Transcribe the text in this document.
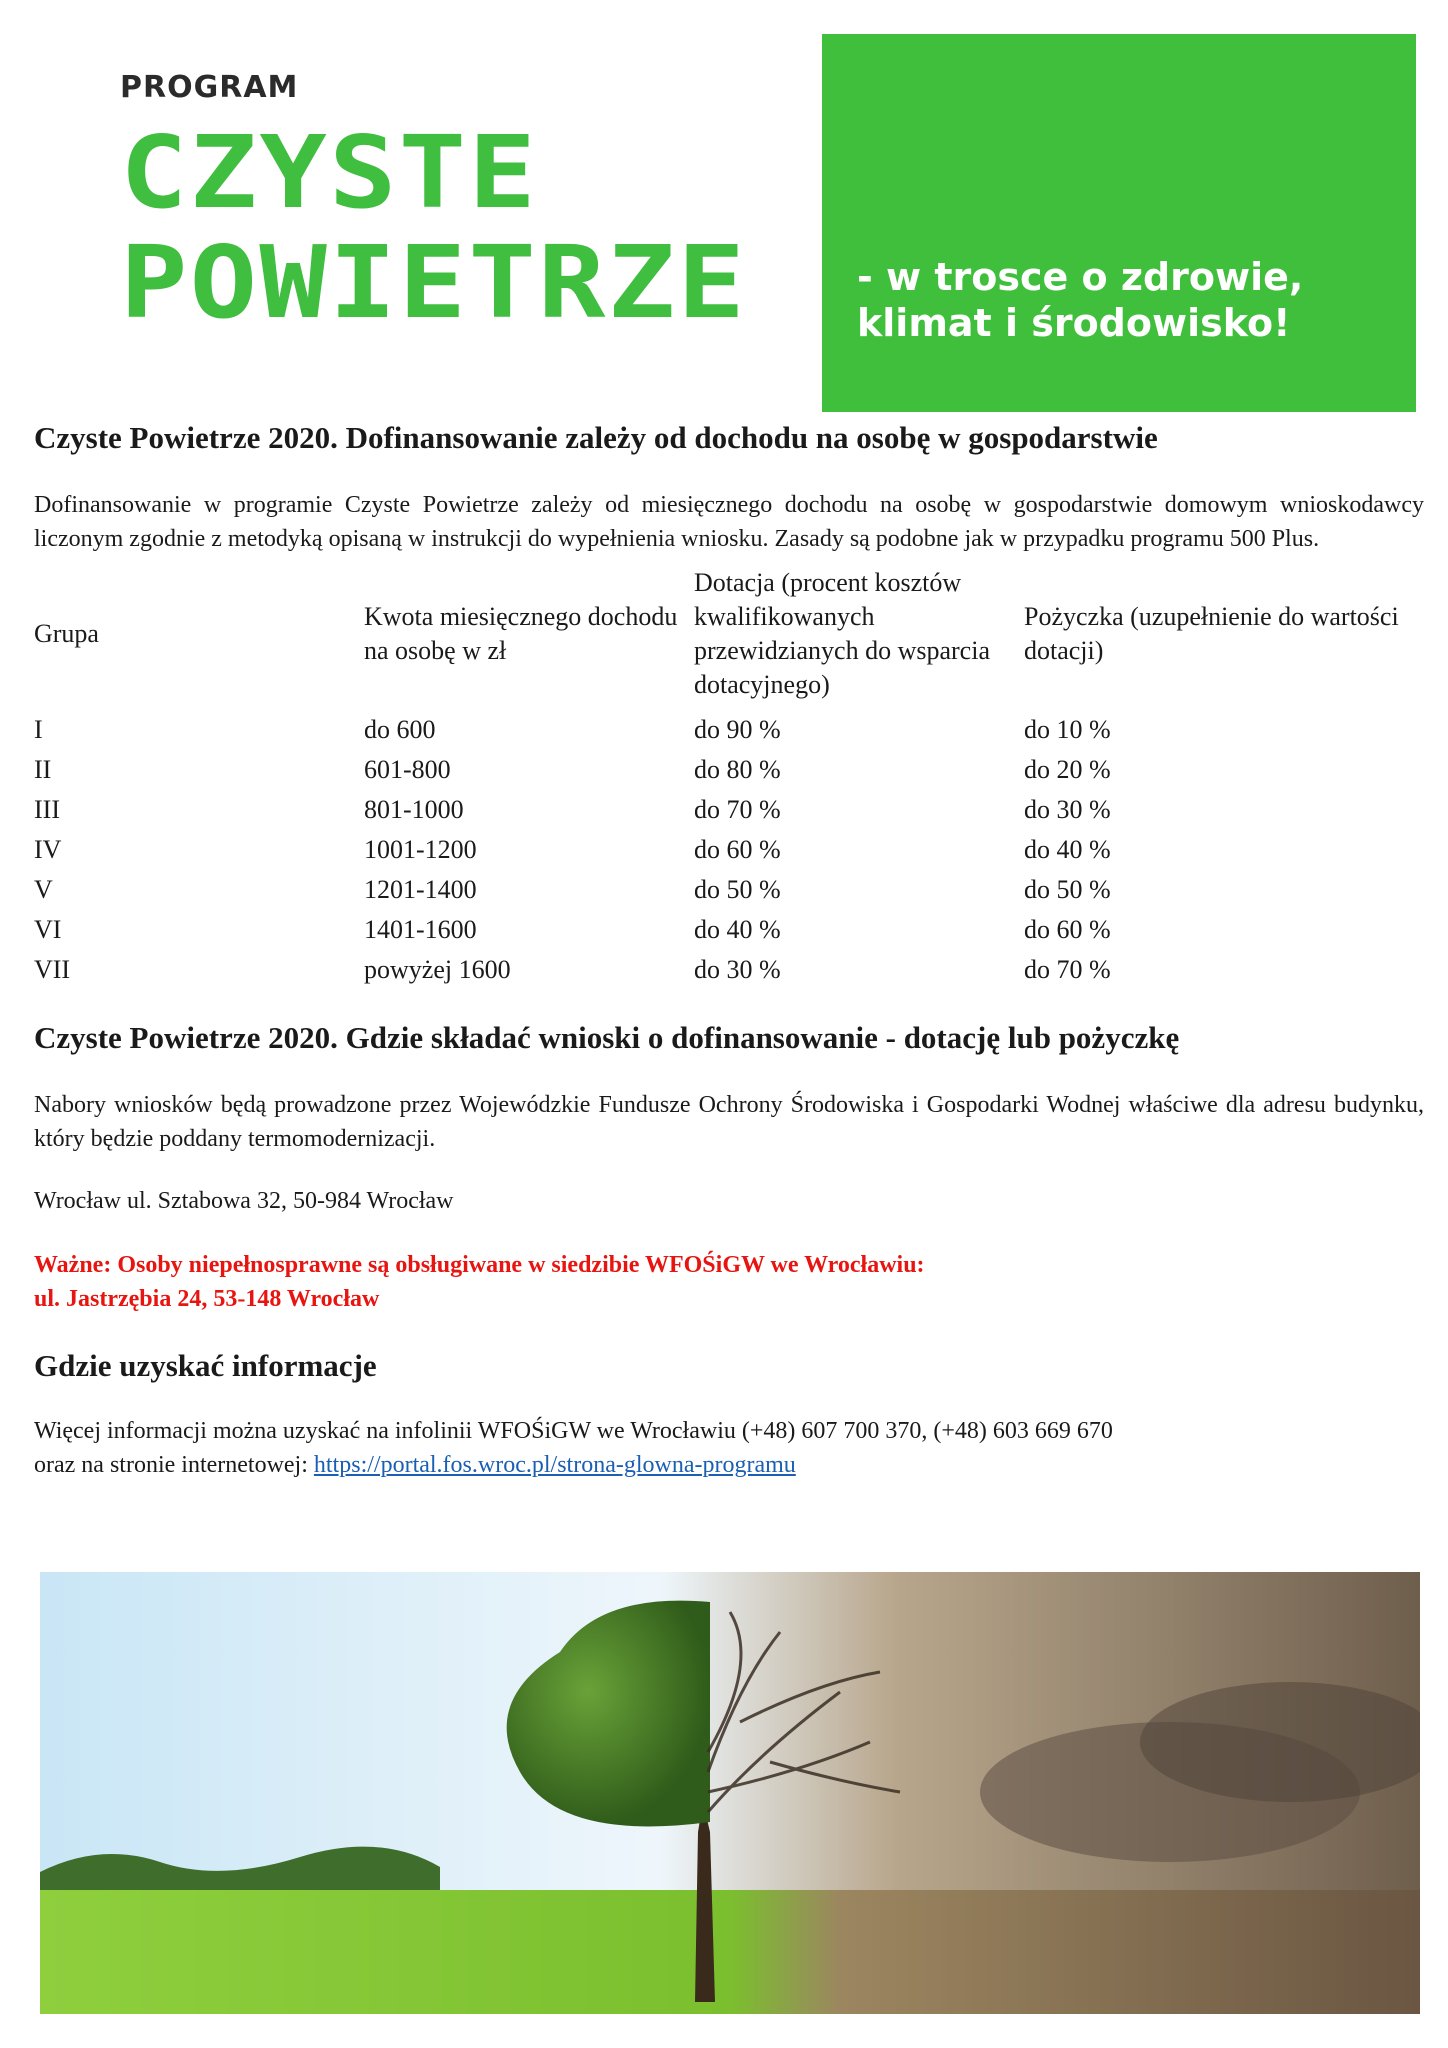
PROGRAM
CZYSTE
POWIETRZE	- w trosce o zdrowie,
klimat i środowisko!
Czyste Powietrze 2020. Dofinansowanie zależy od dochodu na osobę w gospodarstwie

Dofinansowanie w programie Czyste Powietrze zależy od miesięcznego dochodu na osobę w gospodarstwie domowym wnioskodawcy liczonym zgodnie z metodyką opisaną w instrukcji do wypełnienia wniosku. Zasady są podobne jak w przypadku programu 500 Plus.

Grupa	Kwota miesięcznego dochodu na osobę w zł	Dotacja (procent kosztów kwalifikowanych przewidzianych do wsparcia dotacyjnego)	Pożyczka (uzupełnienie do wartości dotacji)
I	do 600	do 90 %	do 10 %
II	601-800	do 80 %	do 20 %
III	801-1000	do 70 %	do 30 %
IV	1001-1200	do 60 %	do 40 %
V	1201-1400	do 50 %	do 50 %
VI	1401-1600	do 40 %	do 60 %
VII	powyżej 1600	do 30 %	do 70 %
Czyste Powietrze 2020. Gdzie składać wnioski o dofinansowanie - dotację lub pożyczkę

Nabory wniosków będą prowadzone przez Wojewódzkie Fundusze Ochrony Środowiska i Gospodarki Wodnej właściwe dla adresu budynku, który będzie poddany termomodernizacji.

Wrocław ul. Sztabowa 32, 50-984 Wrocław
Ważne: Osoby niepełnosprawne są obsługiwane w siedzibie WFOŚiGW we Wrocławiu:
ul. Jastrzębia 24, 53-148 Wrocław
Gdzie uzyskać informacje
Więcej informacji można uzyskać na infolinii WFOŚiGW we Wrocławiu (+48) 607 700 370, (+48) 603 669 670
oraz na stronie internetowej: https://portal.fos.wroc.pl/strona-glowna-programu
